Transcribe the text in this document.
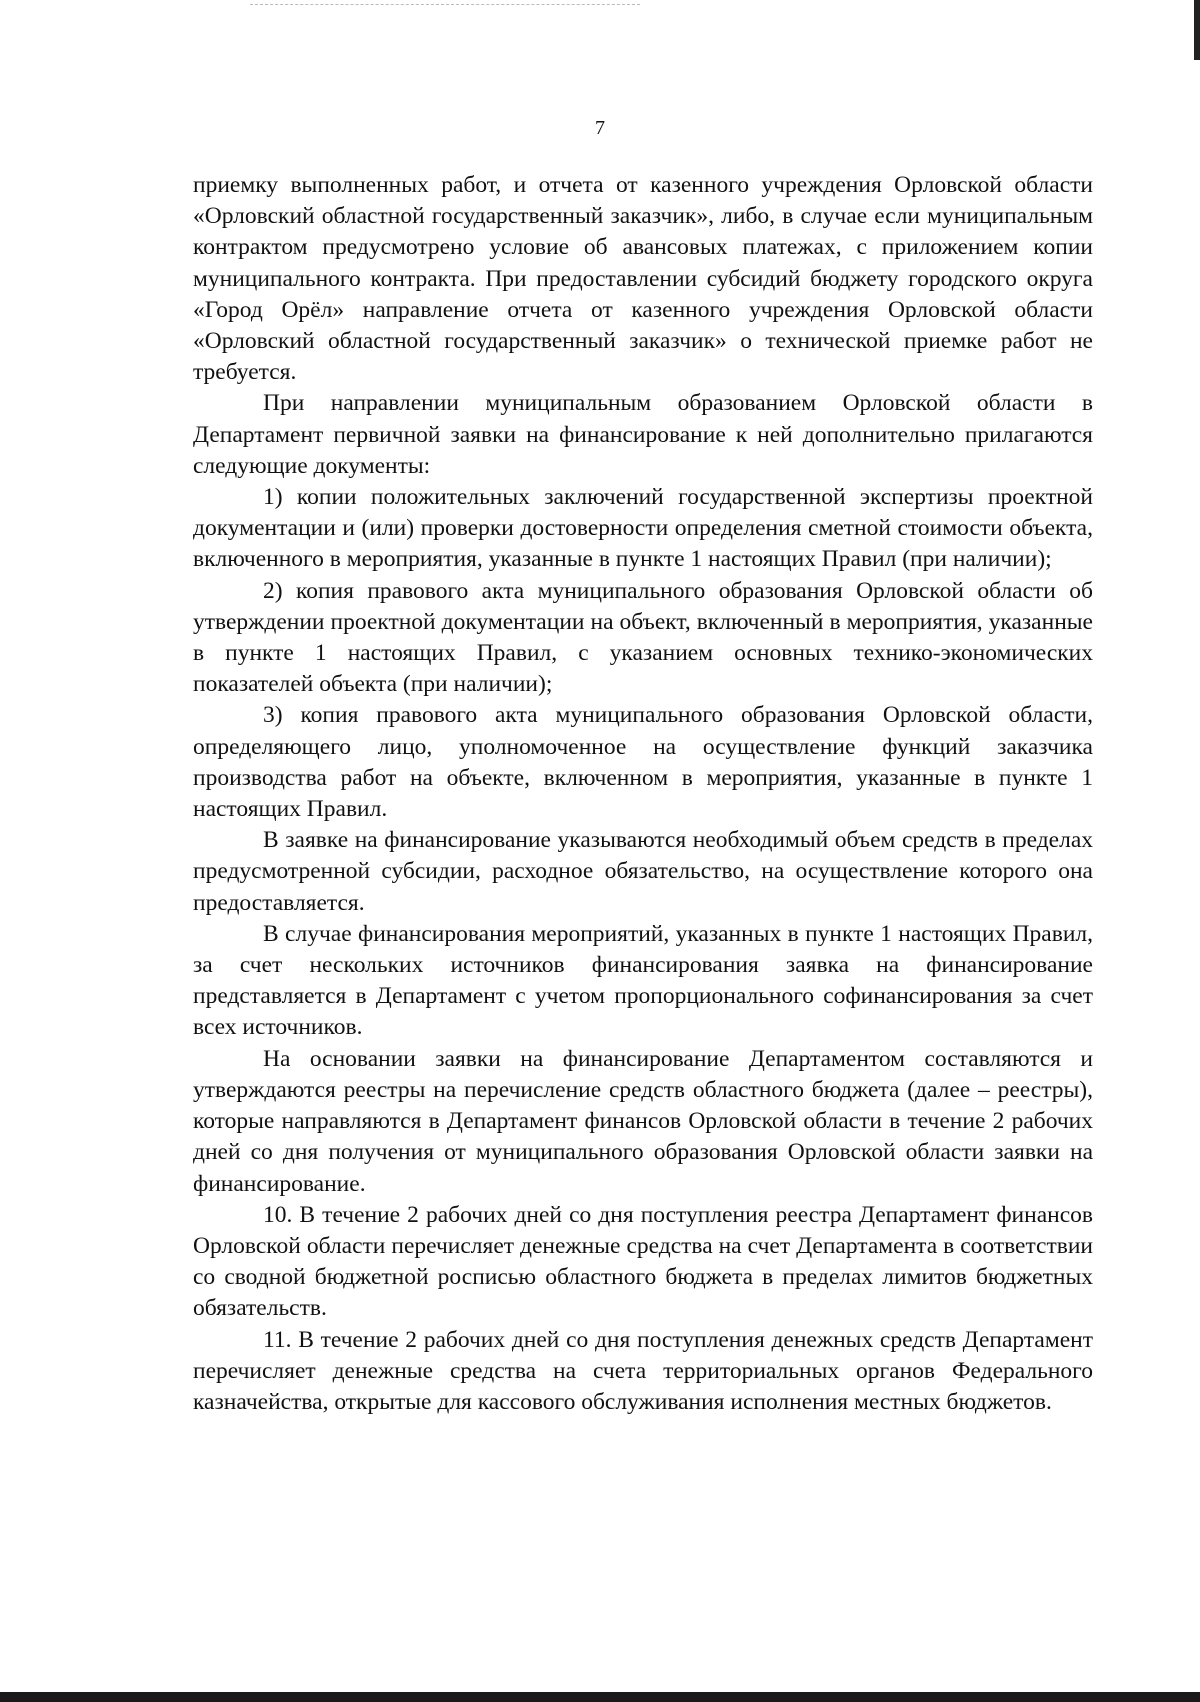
7

приемку выполненных работ, и отчета от казенного учреждения Орловской области «Орловский областной государственный заказчик», либо, в случае если муниципальным контрактом предусмотрено условие об авансовых платежах, с приложением копии муниципального контракта. При предоставлении субсидий бюджету городского округа «Город Орёл» направление отчета от казенного учреждения Орловской области «Орловский областной государственный заказчик» о технической приемке работ не требуется.

При направлении муниципальным образованием Орловской области в Департамент первичной заявки на финансирование к ней дополнительно прилагаются следующие документы:

1) копии положительных заключений государственной экспертизы проектной документации и (или) проверки достоверности определения сметной стоимости объекта, включенного в мероприятия, указанные в пункте 1 настоящих Правил (при наличии);

2) копия правового акта муниципального образования Орловской области об утверждении проектной документации на объект, включенный в мероприятия, указанные в пункте 1 настоящих Правил, с указанием основных технико-экономических показателей объекта (при наличии);

3) копия правового акта муниципального образования Орловской области, определяющего лицо, уполномоченное на осуществление функций заказчика производства работ на объекте, включенном в мероприятия, указанные в пункте 1 настоящих Правил.

В заявке на финансирование указываются необходимый объем средств в пределах предусмотренной субсидии, расходное обязательство, на осуществление которого она предоставляется.

В случае финансирования мероприятий, указанных в пункте 1 настоящих Правил, за счет нескольких источников финансирования заявка на финансирование представляется в Департамент с учетом пропорционального софинансирования за счет всех источников.

На основании заявки на финансирование Департаментом составляются и утверждаются реестры на перечисление средств областного бюджета (далее – реестры), которые направляются в Департамент финансов Орловской области в течение 2 рабочих дней со дня получения от муниципального образования Орловской области заявки на финансирование.

10. В течение 2 рабочих дней со дня поступления реестра Департамент финансов Орловской области перечисляет денежные средства на счет Департамента в соответствии со сводной бюджетной росписью областного бюджета в пределах лимитов бюджетных обязательств.

11. В течение 2 рабочих дней со дня поступления денежных средств Департамент перечисляет денежные средства на счета территориальных органов Федерального казначейства, открытые для кассового обслуживания исполнения местных бюджетов.
